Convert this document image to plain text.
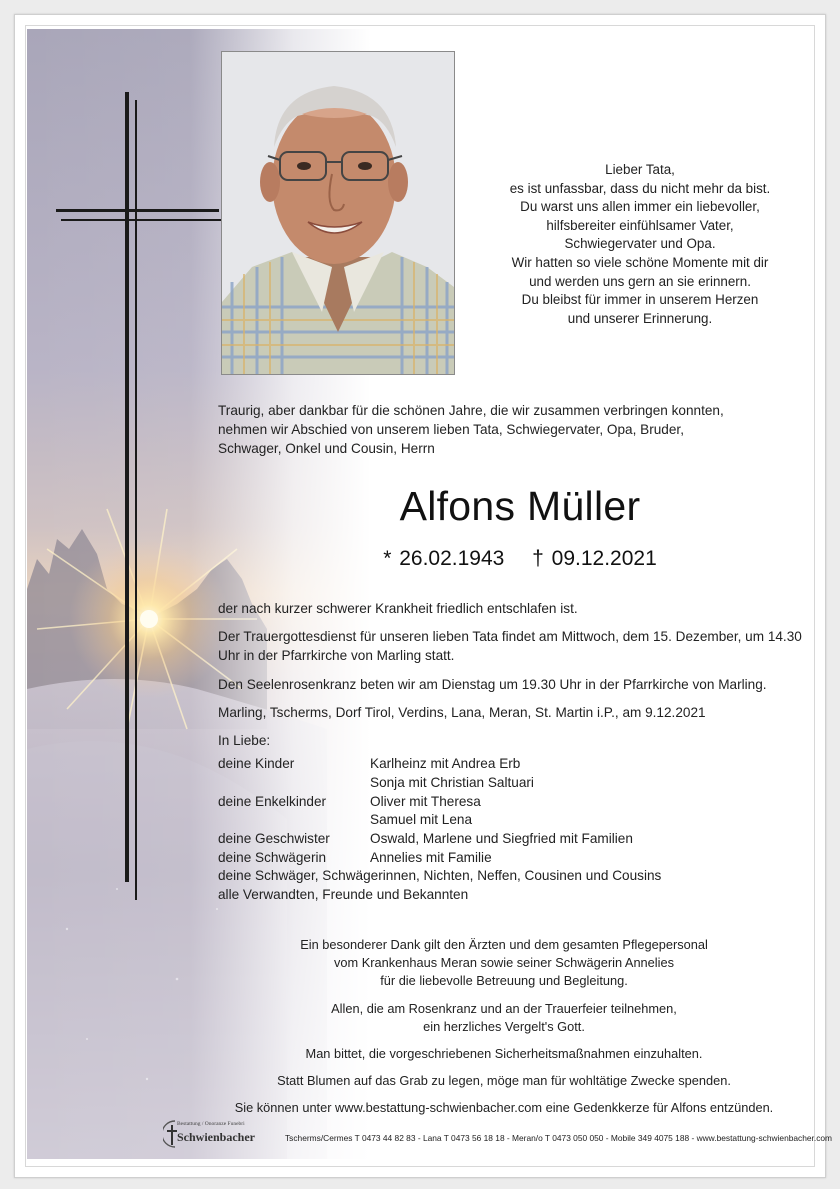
Lieber Tata,
es ist unfassbar, dass du nicht mehr da bist.
Du warst uns allen immer ein liebevoller,
hilfsbereiter einfühlsamer Vater,
Schwiegervater und Opa.
Wir hatten so viele schöne Momente mit dir
und werden uns gern an sie erinnern.
Du bleibst für immer in unserem Herzen
und unserer Erinnerung.
Traurig, aber dankbar für die schönen Jahre, die wir zusammen verbringen konnten,
nehmen wir Abschied von unserem lieben Tata, Schwiegervater, Opa, Bruder,
Schwager, Onkel und Cousin, Herrn
Alfons Müller
* 26.02.1943 † 09.12.2021

der nach kurzer schwerer Krankheit friedlich entschlafen ist.

Der Trauergottesdienst für unseren lieben Tata findet am Mittwoch, dem 15. Dezember, um 14.30 Uhr in der Pfarrkirche von Marling statt.

Den Seelenrosenkranz beten wir am Dienstag um 19.30 Uhr in der Pfarrkirche von Marling.

Marling, Tscherms, Dorf Tirol, Verdins, Lana, Meran, St. Martin i.P., am 9.12.2021

In Liebe:

deine Kinder	Karlheinz mit Andrea Erb
Sonja mit Christian Saltuari
deine Enkelkinder	Oliver mit Theresa
Samuel mit Lena
deine Geschwister	Oswald, Marlene und Siegfried mit Familien
deine Schwägerin	Annelies mit Familie
deine Schwäger, Schwägerinnen, Nichten, Neffen, Cousinen und Cousins
alle Verwandten, Freunde und Bekannten

Ein besonderer Dank gilt den Ärzten und dem gesamten Pflegepersonal
vom Krankenhaus Meran sowie seiner Schwägerin Annelies
für die liebevolle Betreuung und Begleitung.

Allen, die am Rosenkranz und an der Trauerfeier teilnehmen,
ein herzliches Vergelt's Gott.

Man bittet, die vorgeschriebenen Sicherheitsmaßnahmen einzuhalten.

Statt Blumen auf das Grab zu legen, möge man für wohltätige Zwecke spenden.

Sie können unter www.bestattung-schwienbacher.com eine Gedenkkerze für Alfons entzünden.

Bestattung / Onoranze Funebri
Schwienbacher	Tscherms/Cermes T 0473 44 82 83 - Lana T 0473 56 18 18 - Meran/o T 0473 050 050 - Mobile 349 4075 188 - www.bestattung-schwienbacher.com
